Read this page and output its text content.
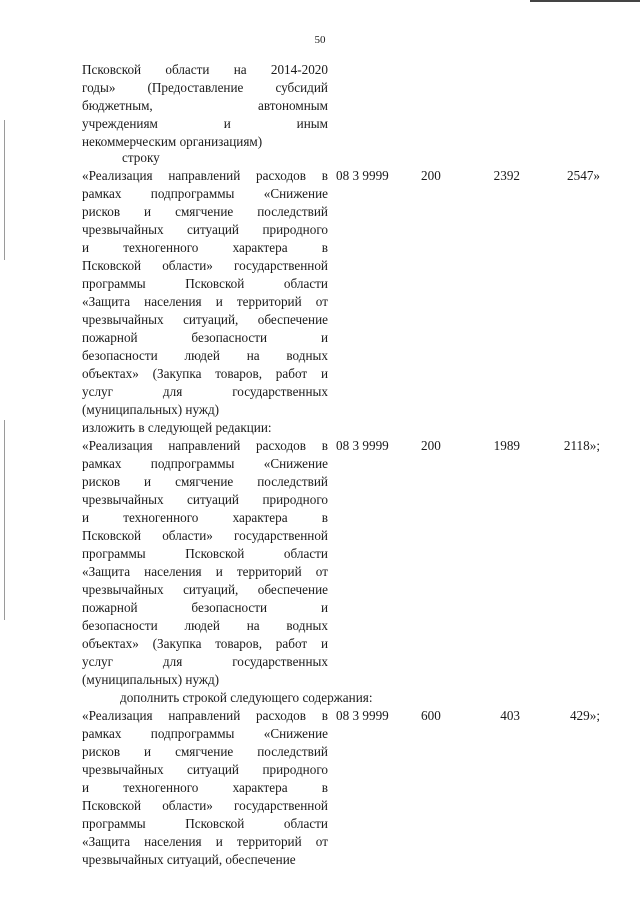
50
Псковской области на 2014-2020
годы» (Предоставление субсидий
бюджетным, автономным
учреждениям и иным
некоммерческим организациям)
строку
«Реализация направлений расходов в
рамках подпрограммы «Снижение
рисков и смягчение последствий
чрезвычайных ситуаций природного
и техногенного характера в
Псковской области» государственной
программы Псковской области
«Защита населения и территорий от
чрезвычайных ситуаций, обеспечение
пожарной безопасности и
безопасности людей на водных
объектах» (Закупка товаров, работ и
услуг для государственных
(муниципальных) нужд)
08 3 9999 200	2392	2547»
изложить в следующей редакции:
«Реализация направлений расходов в
рамках подпрограммы «Снижение
рисков и смягчение последствий
чрезвычайных ситуаций природного
и техногенного характера в
Псковской области» государственной
программы Псковской области
«Защита населения и территорий от
чрезвычайных ситуаций, обеспечение
пожарной безопасности и
безопасности людей на водных
объектах» (Закупка товаров, работ и
услуг для государственных
(муниципальных) нужд)
08 3 9999 200	1989	2118»;
дополнить строкой следующего содержания:
«Реализация направлений расходов в
рамках подпрограммы «Снижение
рисков и смягчение последствий
чрезвычайных ситуаций природного
и техногенного характера в
Псковской области» государственной
программы Псковской области
«Защита населения и территорий от
чрезвычайных ситуаций, обеспечение
08 3 9999 600	403	429»;
